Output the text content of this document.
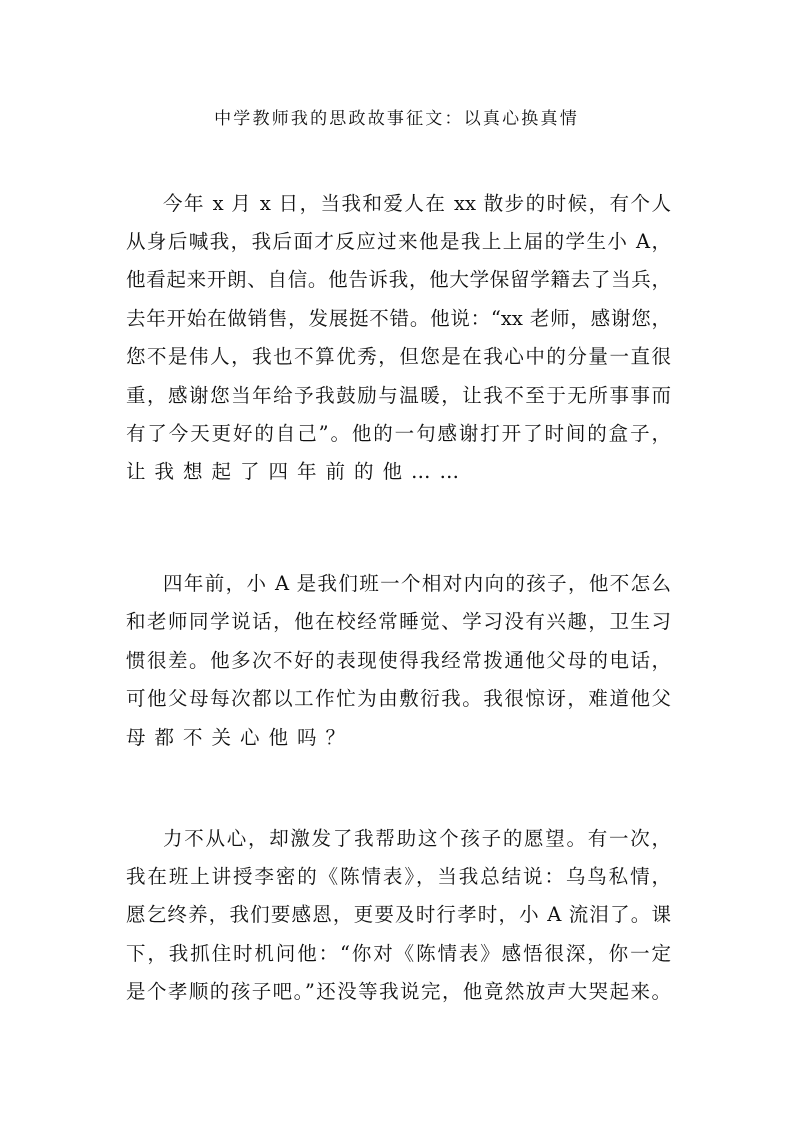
中学教师我的思政故事征文：以真心换真情
今年 x 月 x 日，当我和爱人在 xx 散步的时候，有个人
从身后喊我，我后面才反应过来他是我上上届的学生小 A，
他看起来开朗、自信。他告诉我，他大学保留学籍去了当兵，
去年开始在做销售，发展挺不错。他说：“xx 老师，感谢您，
您不是伟人，我也不算优秀，但您是在我心中的分量一直很
重，感谢您当年给予我鼓励与温暖，让我不至于无所事事而
有了今天更好的自己”。他的一句感谢打开了时间的盒子，
让我想起了四年前的他……
四年前，小 A 是我们班一个相对内向的孩子，他不怎么
和老师同学说话，他在校经常睡觉、学习没有兴趣，卫生习
惯很差。他多次不好的表现使得我经常拨通他父母的电话，
可他父母每次都以工作忙为由敷衍我。我很惊讶，难道他父
母都不关心他吗？
力不从心，却激发了我帮助这个孩子的愿望。有一次，
我在班上讲授李密的《陈情表》，当我总结说：乌鸟私情，
愿乞终养，我们要感恩，更要及时行孝时，小 A 流泪了。课
下，我抓住时机问他：“你对《陈情表》感悟很深，你一定
是个孝顺的孩子吧。”还没等我说完，他竟然放声大哭起来。
